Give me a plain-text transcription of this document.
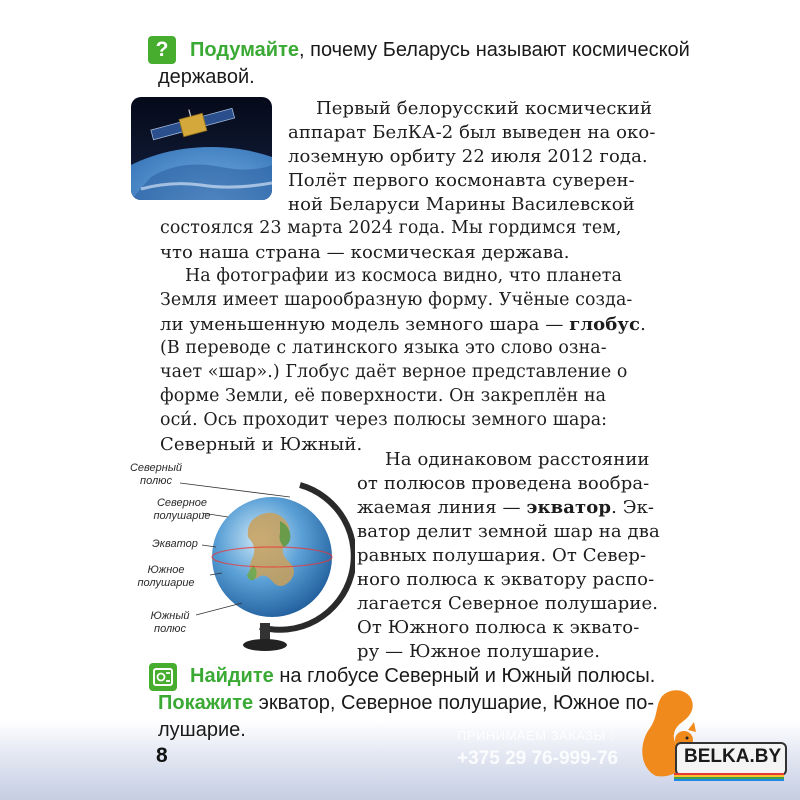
?	Подумайте, почему Беларусь называют космической
державой.
Первый белорусский космический
аппарат БелКА-2 был выведен на око-
лоземную орбиту 22 июля 2012 года.
Полёт первого космонавта суверен-
ной Беларуси Марины Василевской
состоялся 23 марта 2024 года. Мы гордимся тем,
что наша страна — космическая держава.
На фотографии из космоса видно, что планета
Земля имеет шарообразную форму. Учёные созда-
ли уменьшенную модель земного шара — глобус.
(В переводе с латинского языка это слово озна-
чает «шар».) Глобус даёт верное представление о
форме Земли, её поверхности. Он закреплён на
оси́. Ось проходит через полюсы земного шара:
Северный и Южный.
Северный
полюс
Северное
полушарие
Экватор
Южное
полушарие
Южный
полюс
На одинаковом расстоянии
от полюсов проведена вообра-
жаемая линия — экватор. Эк-
ватор делит земной шар на два
равных полушария. От Север-
ного полюса к экватору распо-
лагается Северное полушарие.
От Южного полюса к эквато-
ру — Южное полушарие.
Найдите на глобусе Северный и Южный полюсы.
Покажите экватор, Северное полушарие, Южное по-
лушарие.
8
ПРИНИМАЕМ ЗАКАЗЫ :
+375 29 76-999-76	BELKA.BY
